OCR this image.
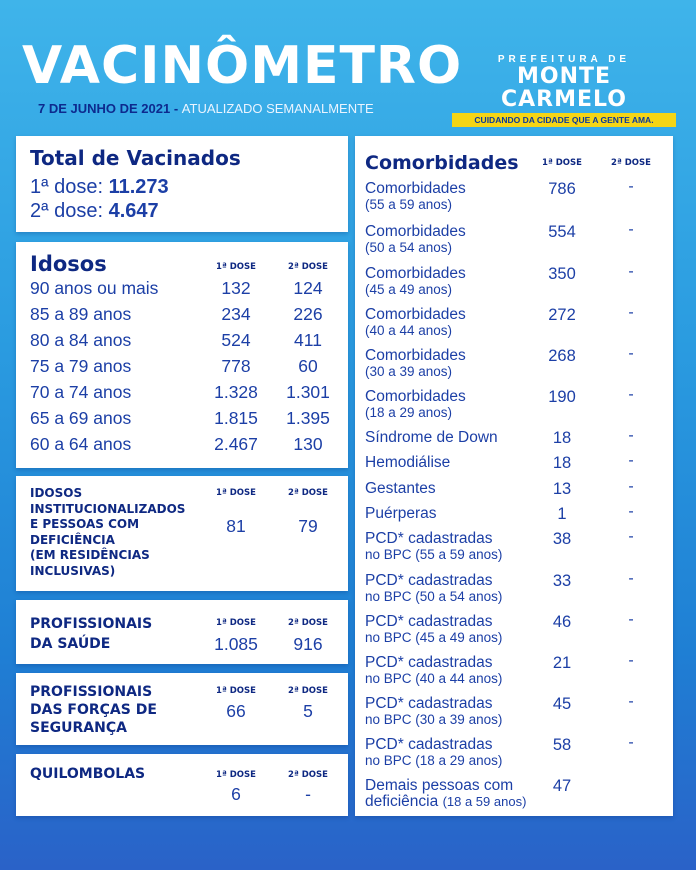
VACINÔMETRO
7 DE JUNHO DE 2021 - ATUALIZADO SEMANALMENTE
PREFEITURA DE
MONTE CARMELO
CUIDANDO DA CIDADE QUE A GENTE AMA.
Total de Vacinados
1ª dose: 11.273
2ª dose: 4.647
Idosos	1ª DOSE	2ª DOSE
90 anos ou mais	132	124
85 a 89 anos	234	226
80 a 84 anos	524	411
75 a 79 anos	778	60
70 a 74 anos	1.328	1.301
65 a 69 anos	1.815	1.395
60 a 64 anos	2.467	130
IDOSOS
INSTITUCIONALIZADOS
E PESSOAS COM
DEFICIÊNCIA
(EM RESIDÊNCIAS
INCLUSIVAS)
1ª DOSE	2ª DOSE
81	79
PROFISSIONAIS
DA SAÚDE
1ª DOSE	2ª DOSE
1.085	916
PROFISSIONAIS
DAS FORÇAS DE
SEGURANÇA
1ª DOSE	2ª DOSE
66	5
QUILOMBOLAS	1ª DOSE	2ª DOSE
6	-
Comorbidades	1ª DOSE	2ª DOSE
Comorbidades
(55 a 59 anos)
786	-
Comorbidades
(50 a 54 anos)
554	-
Comorbidades
(45 a 49 anos)
350	-
Comorbidades
(40 a 44 anos)
272	-
Comorbidades
(30 a 39 anos)
268	-
Comorbidades
(18 a 29 anos)
190	-
Síndrome de Down	18	-
Hemodiálise	18	-
Gestantes	13	-
Puérperas	1	-
PCD* cadastradas
no BPC (55 a 59 anos)
38	-
PCD* cadastradas
no BPC (50 a 54 anos)
33	-
PCD* cadastradas
no BPC (45 a 49 anos)
46	-
PCD* cadastradas
no BPC (40 a 44 anos)
21	-
PCD* cadastradas
no BPC (30 a 39 anos)
45	-
PCD* cadastradas
no BPC (18 a 29 anos)
58	-
Demais pessoas com
deficiência (18 a 59 anos)
47
* Pessoa com deficiência
